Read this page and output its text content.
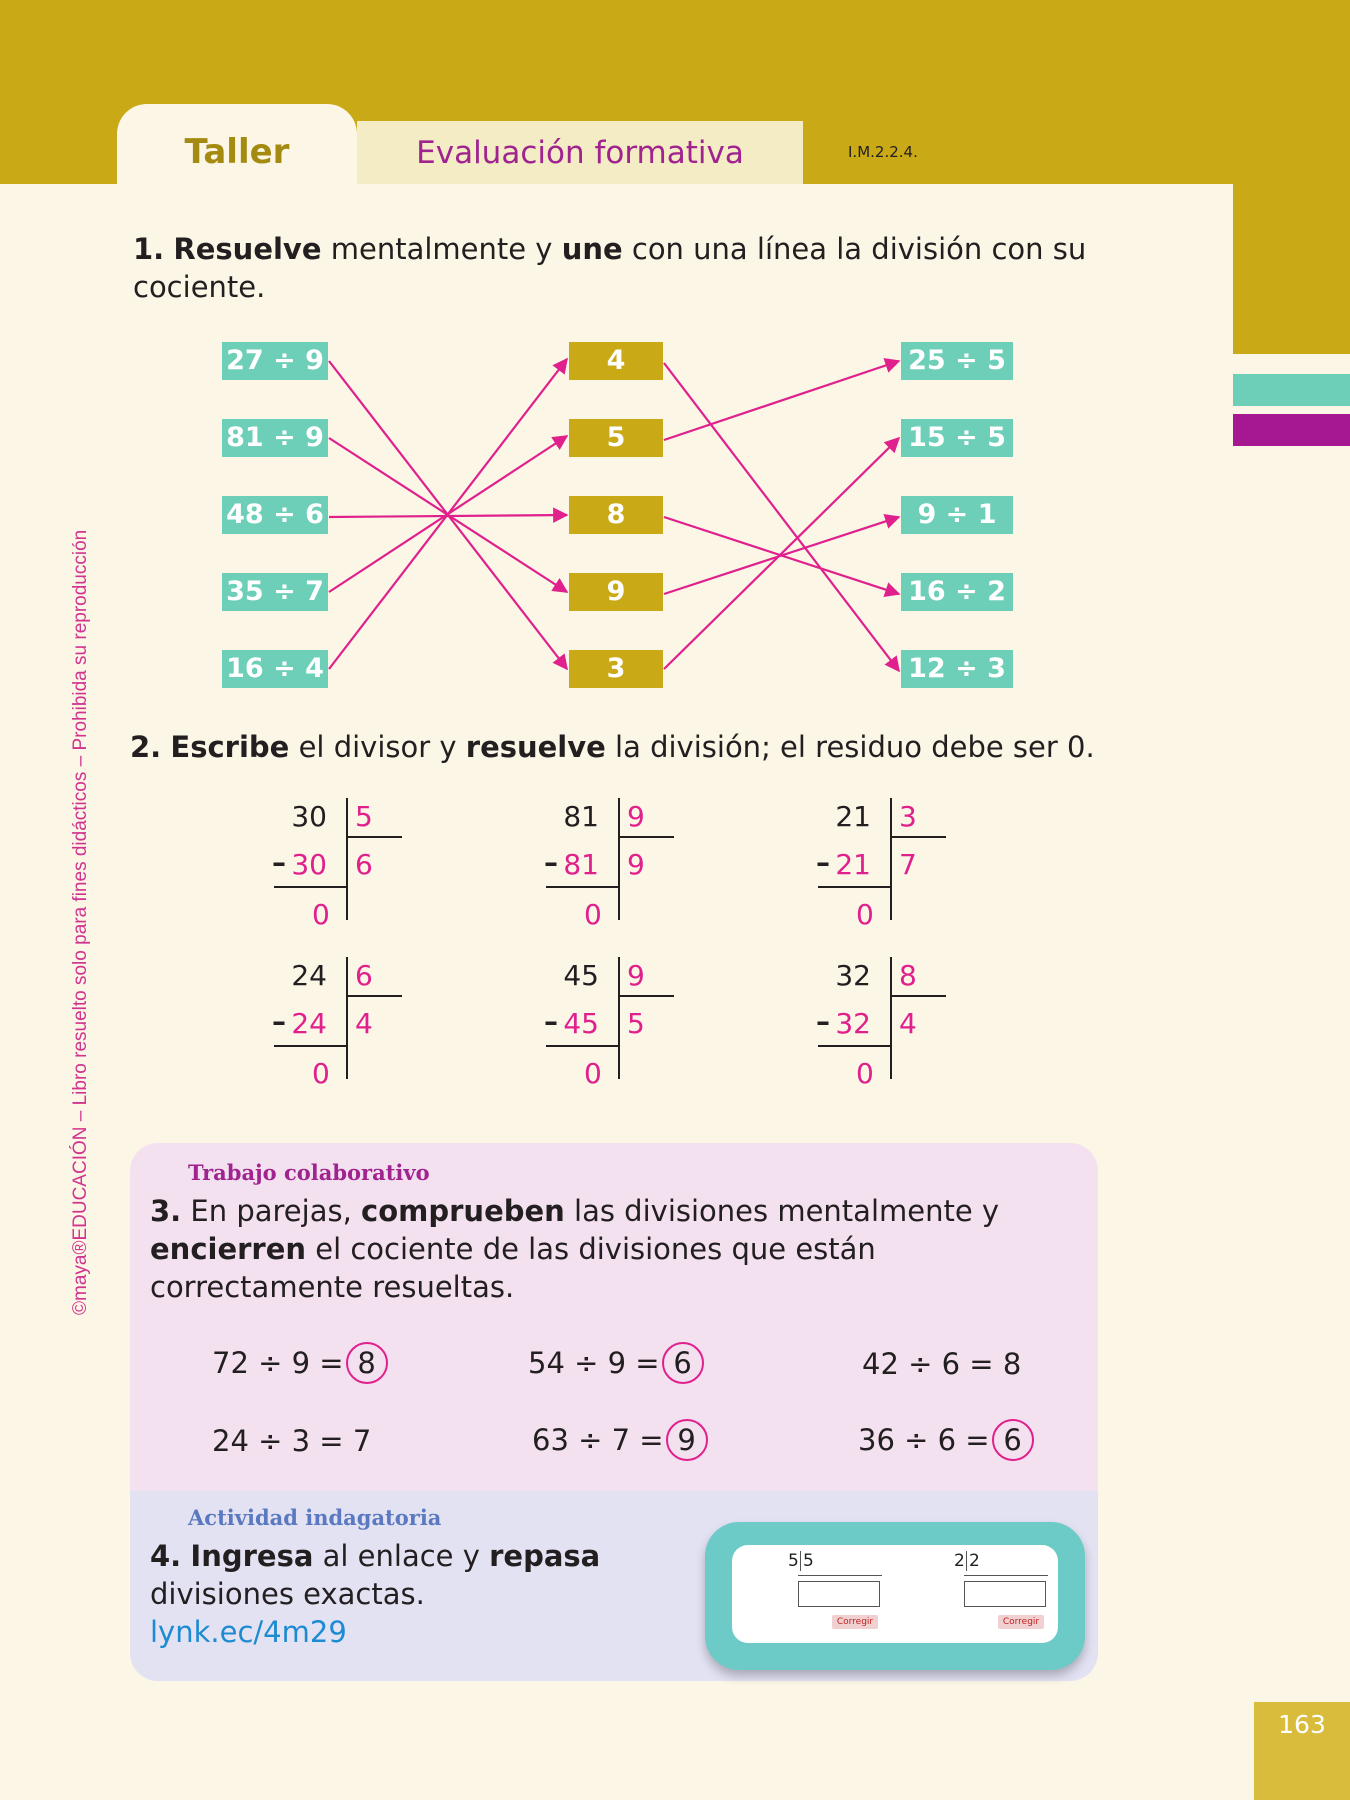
Taller	Evaluación formativa	I.M.2.2.4.
©maya®EDUCACIÓN – Libro resuelto solo para fines didácticos – Prohibida su reproducción
1. Resuelve mentalmente y une con una línea la división con su cociente.
27 ÷ 9
81 ÷ 9
48 ÷ 6
35 ÷ 7
16 ÷ 4
4
5
8
9
3
25 ÷ 5
15 ÷ 5
9 ÷ 1
16 ÷ 2
12 ÷ 3
2. Escribe el divisor y resuelve la división; el residuo debe ser 0.
30 5
– 30 6
0
81 9
– 81 9
0
21 3
– 21 7
0
24 6
– 24 4
0
45 9
– 45 5
0
32 8
– 32 4
0
Trabajo colaborativo
3. En parejas, comprueben las divisiones mentalmente y encierren el cociente de las divisiones que están correctamente resueltas.
72 ÷ 9 = 8	54 ÷ 9 = 6	42 ÷ 6 = 8
24 ÷ 3 = 7	63 ÷ 7 = 9	36 ÷ 6 = 6
Actividad indagatoria
4. Ingresa al enlace y repasa divisiones exactas.
lynk.ec/4m29
5 5
Corregir
2 2
Corregir
163
